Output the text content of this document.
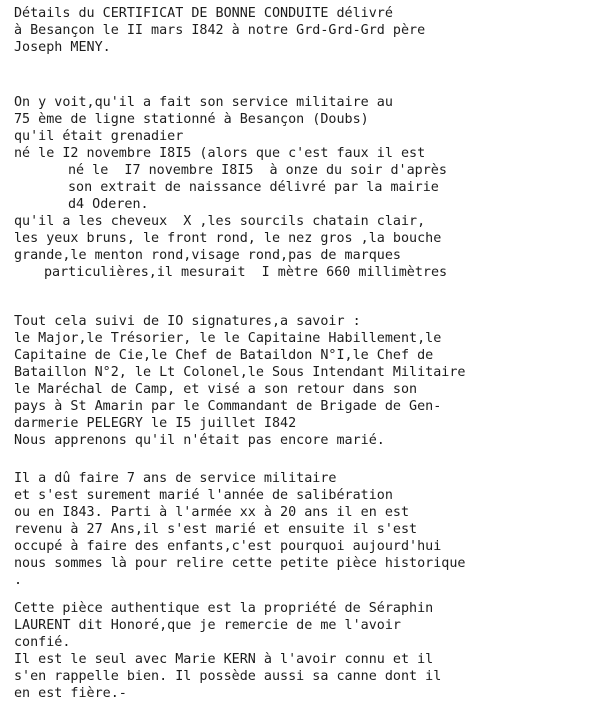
Détails du CERTIFICAT DE BONNE CONDUITE délivré
à Besançon le II mars I842 à notre Grd-Grd-Grd père
Joseph MENY.
On y voit,qu'il a fait son service militaire au
75 ème de ligne stationné à Besançon (Doubs)
qu'il était grenadier
né le I2 novembre I8I5 (alors que c'est faux il est
né le  I7 novembre I8I5  à onze du soir d'après
son extrait de naissance délivré par la mairie
d4 Oderen.
qu'il a les cheveux  X ,les sourcils chatain clair,
les yeux bruns, le front rond, le nez gros ,la bouche
grande,le menton rond,visage rond,pas de marques
particulières,il mesurait  I mètre 660 millimètres
Tout cela suivi de IO signatures,a savoir :
le Major,le Trésorier, le le Capitaine Habillement,le
Capitaine de Cie,le Chef de Bataildon N°I,le Chef de
Bataillon N°2, le Lt Colonel,le Sous Intendant Militaire
le Maréchal de Camp, et visé a son retour dans son
pays à St Amarin par le Commandant de Brigade de Gen-
darmerie PELEGRY le I5 juillet I842
Nous apprenons qu'il n'était pas encore marié.
Il a dû faire 7 ans de service militaire
et s'est surement marié l'année de salibération
ou en I843. Parti à l'armée xx à 20 ans il en est
revenu à 27 Ans,il s'est marié et ensuite il s'est
occupé à faire des enfants,c'est pourquoi aujourd'hui
nous sommes là pour relire cette petite pièce historique
.
Cette pièce authentique est la propriété de Séraphin
LAURENT dit Honoré,que je remercie de me l'avoir
confié.
Il est le seul avec Marie KERN à l'avoir connu et il
s'en rappelle bien. Il possède aussi sa canne dont il
en est fière.-
